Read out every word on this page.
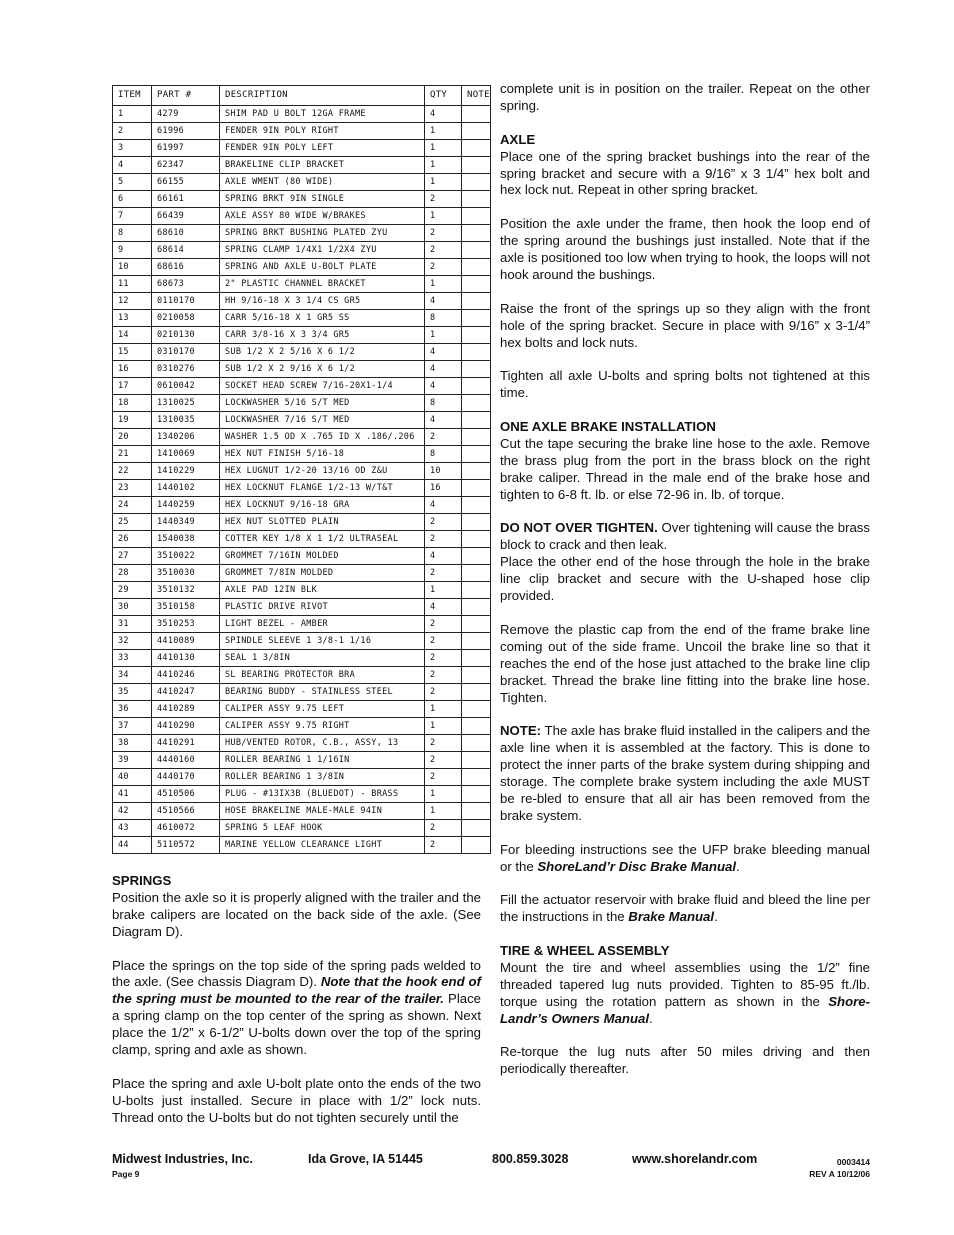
ITEM	PART #	DESCRIPTION	QTY	NOTE
1	4279	SHIM PAD U BOLT 12GA FRAME	4	
2	61996	FENDER 9IN POLY RIGHT	1	
3	61997	FENDER 9IN POLY LEFT	1	
4	62347	BRAKELINE CLIP BRACKET	1	
5	66155	AXLE WMENT (80 WIDE)	1	
6	66161	SPRING BRKT 9IN SINGLE	2	
7	66439	AXLE ASSY 80 WIDE W/BRAKES	1	
8	68610	SPRING BRKT BUSHING PLATED ZYU	2	
9	68614	SPRING CLAMP 1/4X1 1/2X4 ZYU	2	
10	68616	SPRING AND AXLE U-BOLT PLATE	2	
11	68673	2" PLASTIC CHANNEL BRACKET	1	
12	0110170	HH 9/16-18 X 3 1/4 CS GR5	4	
13	0210058	CARR 5/16-18 X 1 GR5 SS	8	
14	0210130	CARR 3/8-16 X 3 3/4 GR5	1	
15	0310170	SUB 1/2 X 2 5/16 X 6 1/2	4	
16	0310276	SUB 1/2 X 2 9/16 X 6 1/2	4	
17	0610042	SOCKET HEAD SCREW 7/16-20X1-1/4	4	
18	1310025	LOCKWASHER 5/16 S/T MED	8	
19	1310035	LOCKWASHER 7/16 S/T MED	4	
20	1340206	WASHER 1.5 OD X .765 ID X .186/.206	2	
21	1410069	HEX NUT FINISH 5/16-18	8	
22	1410229	HEX LUGNUT 1/2-20 13/16 OD Z&U	10	
23	1440102	HEX LOCKNUT FLANGE 1/2-13 W/T&T	16	
24	1440259	HEX LOCKNUT 9/16-18 GRA	4	
25	1440349	HEX NUT SLOTTED PLAIN	2	
26	1540038	COTTER KEY 1/8 X 1 1/2 ULTRASEAL	2	
27	3510022	GROMMET 7/16IN MOLDED	4	
28	3510030	GROMMET 7/8IN MOLDED	2	
29	3510132	AXLE PAD 12IN BLK	1	
30	3510158	PLASTIC DRIVE RIVOT	4	
31	3510253	LIGHT BEZEL - AMBER	2	
32	4410089	SPINDLE SLEEVE 1 3/8-1 1/16	2	
33	4410130	SEAL 1 3/8IN	2	
34	4410246	SL BEARING PROTECTOR BRA	2	
35	4410247	BEARING BUDDY - STAINLESS STEEL	2	
36	4410289	CALIPER ASSY 9.75 LEFT	1	
37	4410290	CALIPER ASSY 9.75 RIGHT	1	
38	4410291	HUB/VENTED ROTOR, C.B., ASSY, 13	2	
39	4440160	ROLLER BEARING 1 1/16IN	2	
40	4440170	ROLLER BEARING 1 3/8IN	2	
41	4510506	PLUG - #13IX3B (BLUEDOT) - BRASS	1	
42	4510566	HOSE BRAKELINE MALE-MALE 94IN	1	
43	4610072	SPRING 5 LEAF HOOK	2	
44	5110572	MARINE YELLOW CLEARANCE LIGHT	2	
SPRINGS

Position the axle so it is properly aligned with the trailer and the brake calipers are located on the back side of the axle. (See Diagram D).

Place the springs on the top side of the spring pads welded to the axle. (See chassis Diagram D). Note that the hook end of the spring must be mounted to the rear of the trailer. Place a spring clamp on the top center of the spring as shown. Next place the 1/2” x 6-1/2” U-bolts down over the top of the spring clamp, spring and axle as shown.

Place the spring and axle U-bolt plate onto the ends of the two U-bolts just installed. Secure in place with 1/2” lock nuts. Thread onto the U-bolts but do not tighten securely until the

complete unit is in position on the trailer. Repeat on the other spring.

AXLE

Place one of the spring bracket bushings into the rear of the spring bracket and secure with a 9/16” x 3 1/4” hex bolt and hex lock nut. Repeat in other spring bracket.

Position the axle under the frame, then hook the loop end of the spring around the bushings just installed. Note that if the axle is positioned too low when trying to hook, the loops will not hook around the bushings.

Raise the front of the springs up so they align with the front hole of the spring bracket. Secure in place with 9/16” x 3-1/4” hex bolts and lock nuts.

Tighten all axle U-bolts and spring bolts not tightened at this time.

ONE AXLE BRAKE INSTALLATION

Cut the tape securing the brake line hose to the axle. Remove the brass plug from the port in the brass block on the right brake caliper. Thread in the male end of the brake hose and tighten to 6-8 ft. lb. or else 72-96 in. lb. of torque.

DO NOT OVER TIGHTEN. Over tightening will cause the brass block to crack and then leak.

Place the other end of the hose through the hole in the brake line clip bracket and secure with the U-shaped hose clip provided.

Remove the plastic cap from the end of the frame brake line coming out of the side frame. Uncoil the brake line so that it reaches the end of the hose just attached to the brake line clip bracket. Thread the brake line fitting into the brake line hose. Tighten.

NOTE: The axle has brake fluid installed in the calipers and the axle line when it is assembled at the factory. This is done to protect the inner parts of the brake system during shipping and storage. The complete brake system including the axle MUST be re-bled to ensure that all air has been removed from the brake system.

For bleeding instructions see the UFP brake bleeding manual or the ShoreLand’r Disc Brake Manual.

Fill the actuator reservoir with brake fluid and bleed the line per the instructions in the Brake Manual.

TIRE & WHEEL ASSEMBLY

Mount the tire and wheel assemblies using the 1/2” fine threaded tapered lug nuts provided. Tighten to 85-95 ft./lb. torque using the rotation pattern as shown in the Shore-Landr’s Owners Manual.

Re-torque the lug nuts after 50 miles driving and then periodically thereafter.

Midwest Industries, Inc.	Ida Grove, IA 51445	800.859.3028	www.shorelandr.com
Page 9
0003414
REV A 10/12/06
